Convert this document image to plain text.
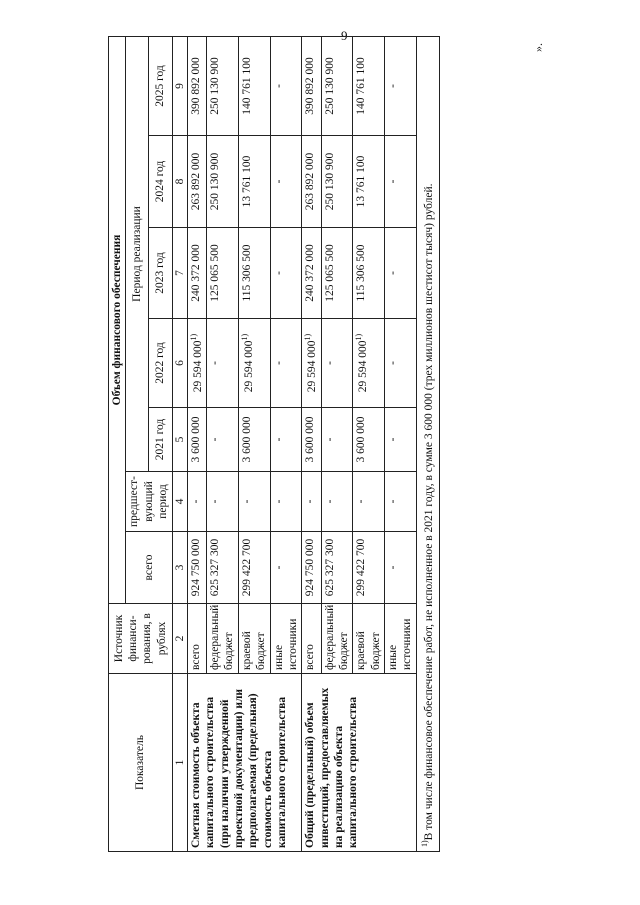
9
».
Показатель	Источник финанси-рования, в рублях	Объем финансового обеспечения						
		всего	предшест-вующий период	Период реализации				
				2021 год	2022 год	2023 год	2024 год	2025 год
1	2	3	4	5	6	7	8	9
Сметная стоимость объекта капитального строительства (при наличии утвержденной проектной документации) или предполагаемая (предельная) стоимость объекта капитального строительства	всего	924 750 000	-	3 600 000	29 594 000$^{1)}$	240 372 000	263 892 000	390 892 000
	федеральный бюджет	625 327 300	-	-	-	125 065 500	250 130 900	250 130 900
	краевой бюджет	299 422 700	-	3 600 000	29 594 000$^{1)}$	115 306 500	13 761 100	140 761 100
	иные источники	-	-	-	-	-	-	-
Общий (предельный) объем инвестиций, предоставляемых на реализацию объекта капитального строительства	всего	924 750 000	-	3 600 000	29 594 000$^{1)}$	240 372 000	263 892 000	390 892 000
	федеральный бюджет	625 327 300	-	-	-	125 065 500	250 130 900	250 130 900
	краевой бюджет	299 422 700	-	3 600 000	29 594 000$^{1)}$	115 306 500	13 761 100	140 761 100
	иные источники	-	-	-	-	-	-	-
$^{1)}$В том числе финансовое обеспечение работ, не исполненное в 2021 году, в сумме 3 600 000 (трех миллионов шестисот тысяч) рублей.								
